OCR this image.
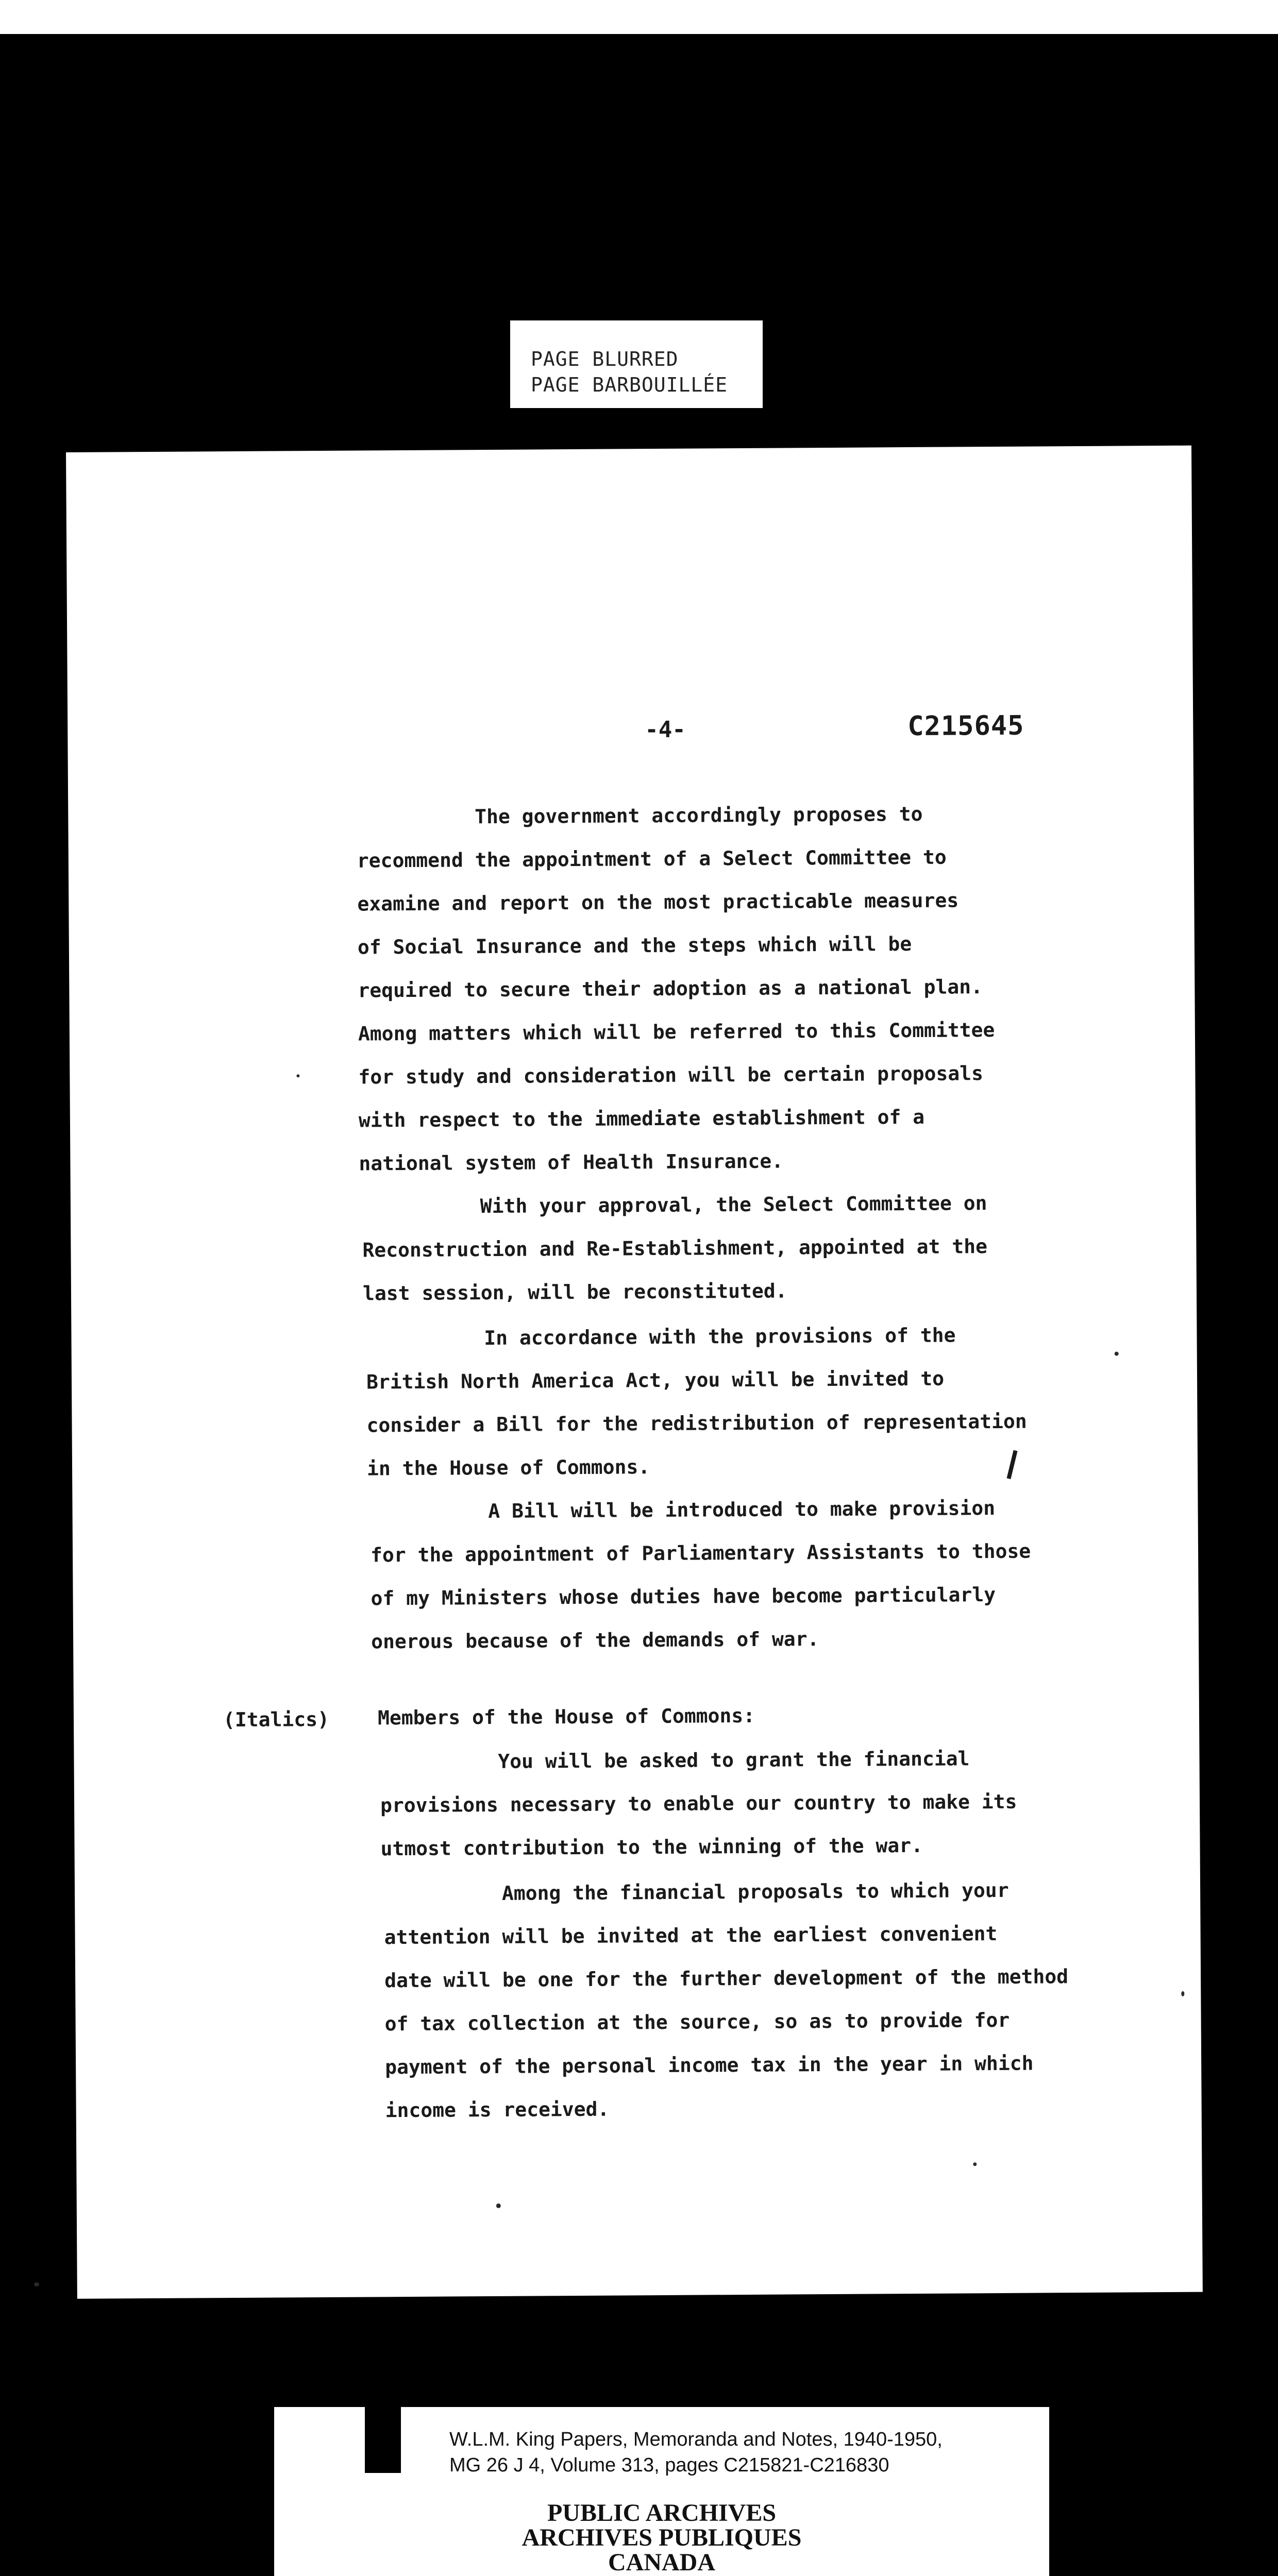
PAGE BLURRED
PAGE BARBOUILLÉE
-4-	C215645
The government accordingly proposes to
recommend the appointment of a Select Committee to
examine and report on the most practicable measures
of Social Insurance and the steps which will be
required to secure their adoption as a national plan.
Among matters which will be referred to this Committee
for study and consideration will be certain proposals
with respect to the immediate establishment of a
national system of Health Insurance.
With your approval, the Select Committee on
Reconstruction and Re-Establishment, appointed at the
last session, will be reconstituted.
In accordance with the provisions of the
British North America Act, you will be invited to
consider a Bill for the redistribution of representation
in the House of Commons.
A Bill will be introduced to make provision
for the appointment of Parliamentary Assistants to those
of my Ministers whose duties have become particularly
onerous because of the demands of war.
(Italics) Members of the House of Commons:
You will be asked to grant the financial
provisions necessary to enable our country to make its
utmost contribution to the winning of the war.
Among the financial proposals to which your
attention will be invited at the earliest convenient
date will be one for the further development of the method
of tax collection at the source, so as to provide for
payment of the personal income tax in the year in which
income is received.
W.L.M. King Papers, Memoranda and Notes, 1940-1950,
MG 26 J 4, Volume 313, pages C215821-C216830
PUBLIC ARCHIVES
ARCHIVES PUBLIQUES
CANADA
